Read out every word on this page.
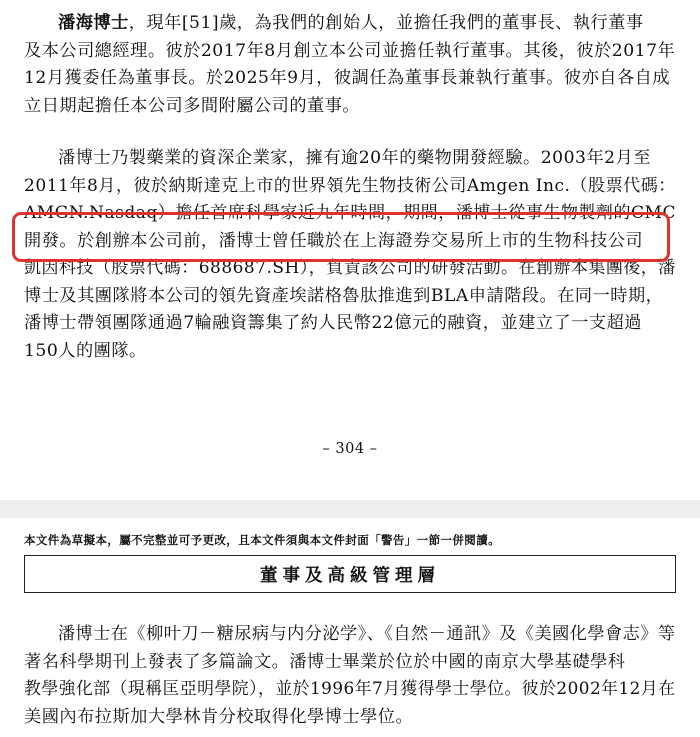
潘海博士，現年[51]歲，為我們的創始人，並擔任我們的董事長、執行董事
及本公司總經理。彼於2017年8月創立本公司並擔任執行董事。其後，彼於2017年
12月獲委任為董事長。於2025年9月，彼調任為董事長兼執行董事。彼亦自各自成
立日期起擔任本公司多間附屬公司的董事。
潘博士乃製藥業的資深企業家，擁有逾20年的藥物開發經驗。2003年2月至
2011年8月，彼於納斯達克上市的世界領先生物技術公司Amgen Inc.（股票代碼：
AMGN.Nasdaq）擔任首席科學家近九年時間，期間，潘博士從事生物製劑的CMC
開發。於創辦本公司前，潘博士曾任職於在上海證券交易所上市的生物科技公司
凱因科技（股票代碼：688687.SH），負責該公司的研發活動。在創辦本集團後，潘
博士及其團隊將本公司的領先資產埃諾格魯肽推進到BLA申請階段。在同一時期，
潘博士帶領團隊通過7輪融資籌集了約人民幣22億元的融資，並建立了一支超過
150人的團隊。
– 304 –
本文件為草擬本，屬不完整並可予更改，且本文件須與本文件封面「警告」一節一併閱讀。
董事及高級管理層
潘博士在《柳叶刀－糖尿病与内分泌学》、《自然－通訊》及《美國化學會志》等
著名科學期刊上發表了多篇論文。潘博士畢業於位於中國的南京大學基礎學科
教學強化部（現稱匡亞明學院），並於1996年7月獲得學士學位。彼於2002年12月在
美國內布拉斯加大學林肯分校取得化學博士學位。
